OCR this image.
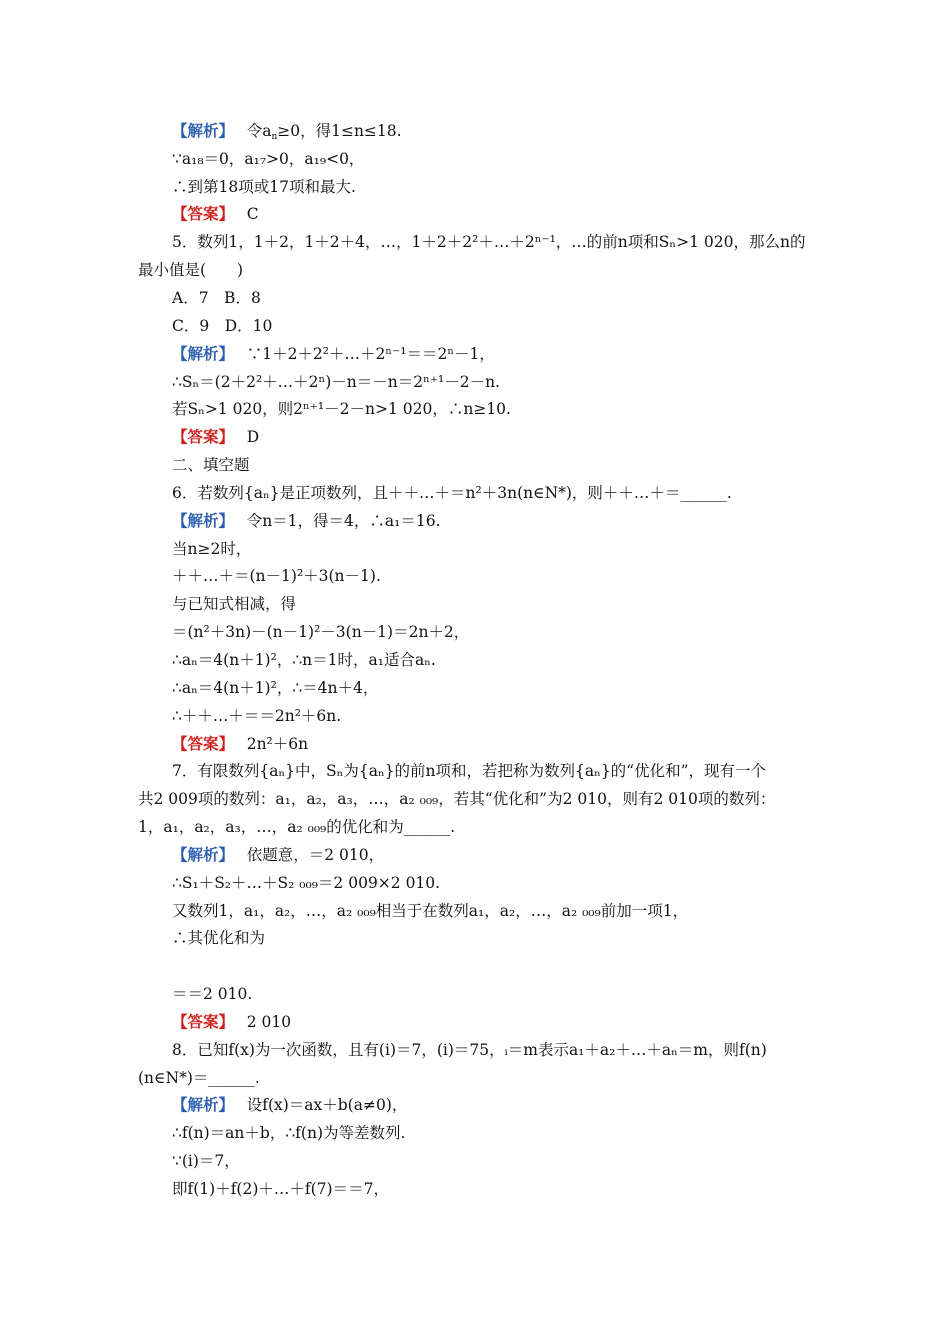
【解析】　 令$a_n\ge 0$，得1≤n≤18.
∵a₁₈＝0，a₁₇>0，a₁₉<0，
∴到第18项或17项和最大.
【答案】　 C
5．数列1，1＋2，1＋2＋4，…，1＋2＋2²＋…＋2ⁿ⁻¹，…的前n项和Sₙ>1 020，那么n的
最小值是(　　)
A．7　B．8
C．9　D．10
【解析】　 ∵1＋2＋2²＋…＋2ⁿ⁻¹＝＝2ⁿ－1，
∴Sₙ＝(2＋2²＋…＋2ⁿ)－n＝－n＝2ⁿ⁺¹－2－n.
若Sₙ>1 020，则2ⁿ⁺¹－2－n>1 020，∴n≥10.
【答案】　 D
二、填空题
6．若数列{aₙ}是正项数列，且＋＋…＋＝n²＋3n(n∈N*)，则＋＋…＋＝______.
【解析】　 令n＝1，得＝4，∴a₁＝16.
当n≥2时，
＋＋…＋＝(n－1)²＋3(n－1).
与已知式相减，得
＝(n²＋3n)－(n－1)²－3(n－1)＝2n＋2，
∴aₙ＝4(n＋1)²，∴n＝1时，a₁适合aₙ.
∴aₙ＝4(n＋1)²，∴＝4n＋4，
∴＋＋…＋＝＝2n²＋6n.
【答案】　 2n²＋6n
7．有限数列{aₙ}中，Sₙ为{aₙ}的前n项和，若把称为数列{aₙ}的“优化和”，现有一个
共2 009项的数列：a₁，a₂，a₃，…，a₂ ₀₀₉，若其“优化和”为2 010，则有2 010项的数列：
1，a₁，a₂，a₃，…，a₂ ₀₀₉的优化和为______.
【解析】　 依题意，＝2 010，
∴S₁＋S₂＋…＋S₂ ₀₀₉＝2 009×2 010.
又数列1，a₁，a₂，…，a₂ ₀₀₉相当于在数列a₁，a₂，…，a₂ ₀₀₉前加一项1，
∴其优化和为
＝＝2 010.
【答案】　 2 010
8．已知f(x)为一次函数，且有(i)＝7，(i)＝75，ᵢ＝m表示a₁＋a₂＋…＋aₙ＝m，则f(n)
(n∈N*)＝______.
【解析】　 设f(x)＝ax＋b(a≠0)，
∴f(n)＝an＋b，∴f(n)为等差数列.
∵(i)＝7，
即f(1)＋f(2)＋…＋f(7)＝＝7，
